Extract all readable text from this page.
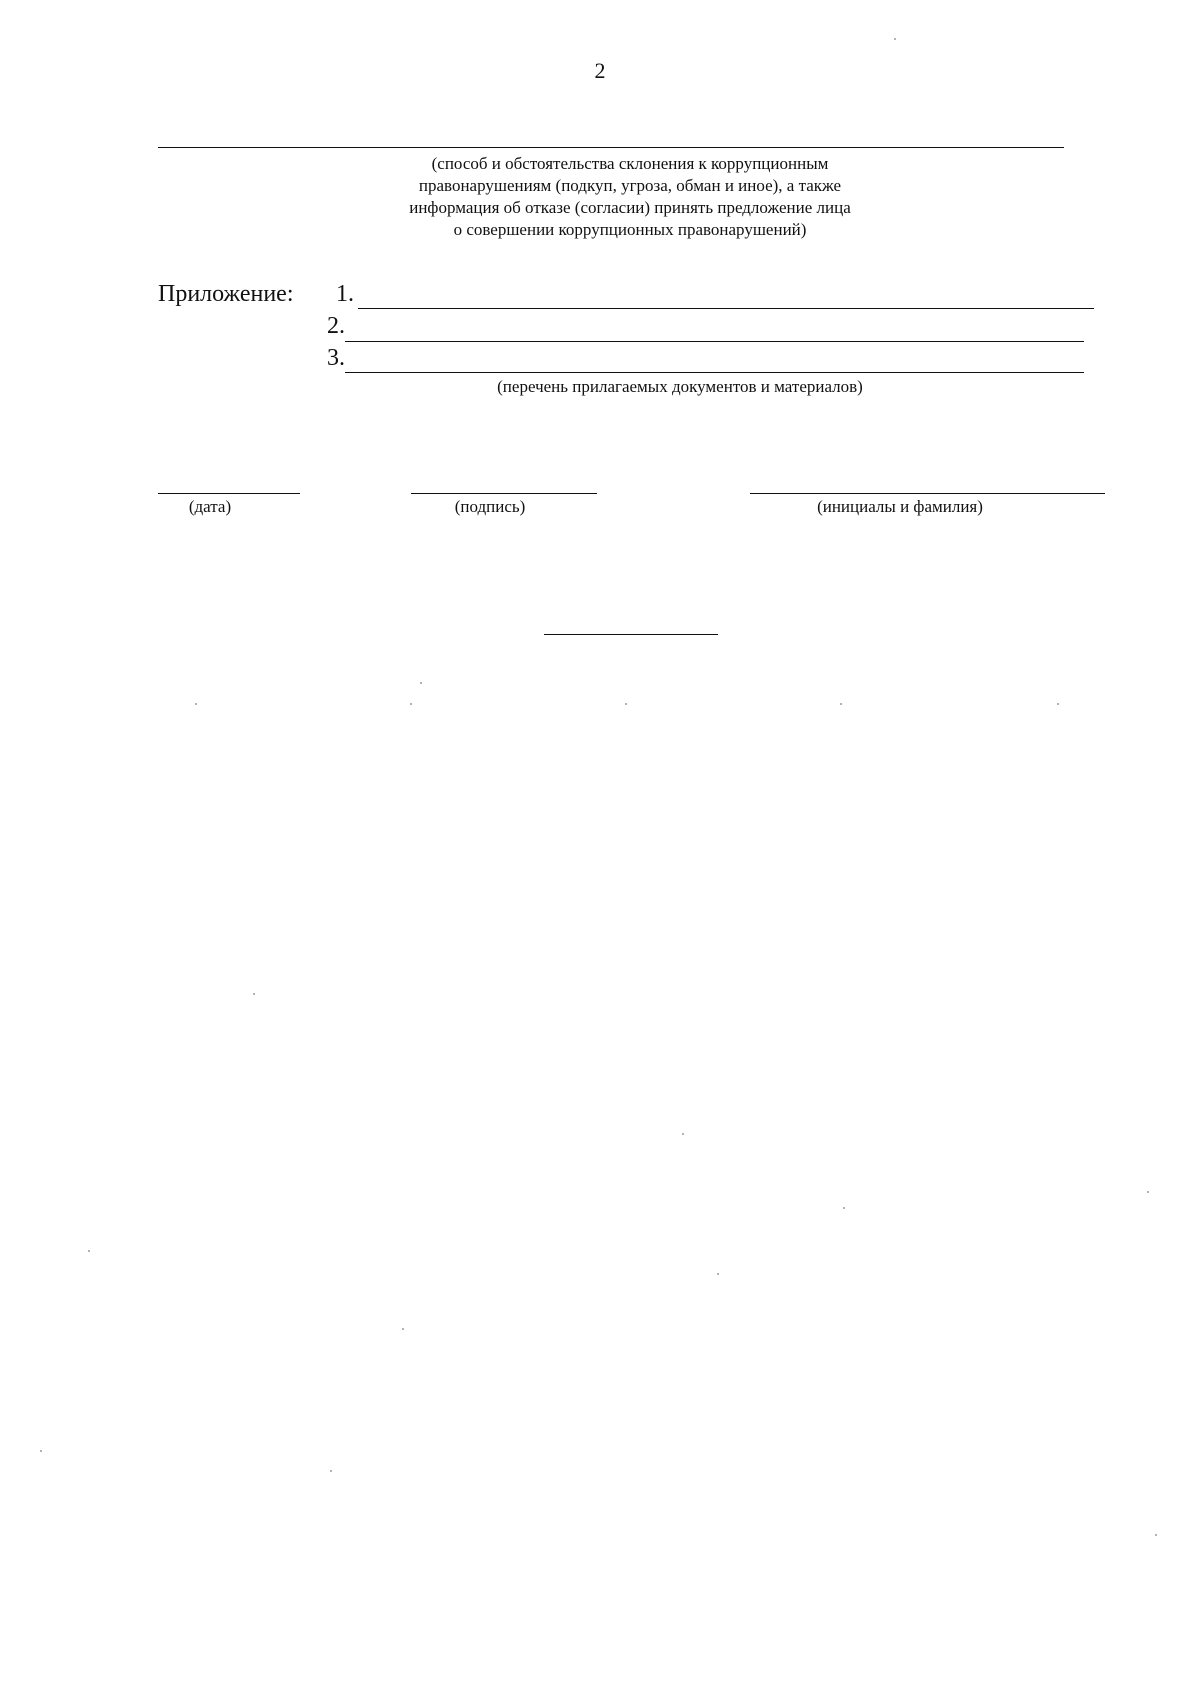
2
(способ и обстоятельства склонения к коррупционным
правонарушениям (подкуп, угроза, обман и иное), а также
информация об отказе (согласии) принять предложение лица
о совершении коррупционных правонарушений)
Приложение:	1.
2.
3.
(перечень прилагаемых документов и материалов)
(дата)	(подпись)	(инициалы и фамилия)
